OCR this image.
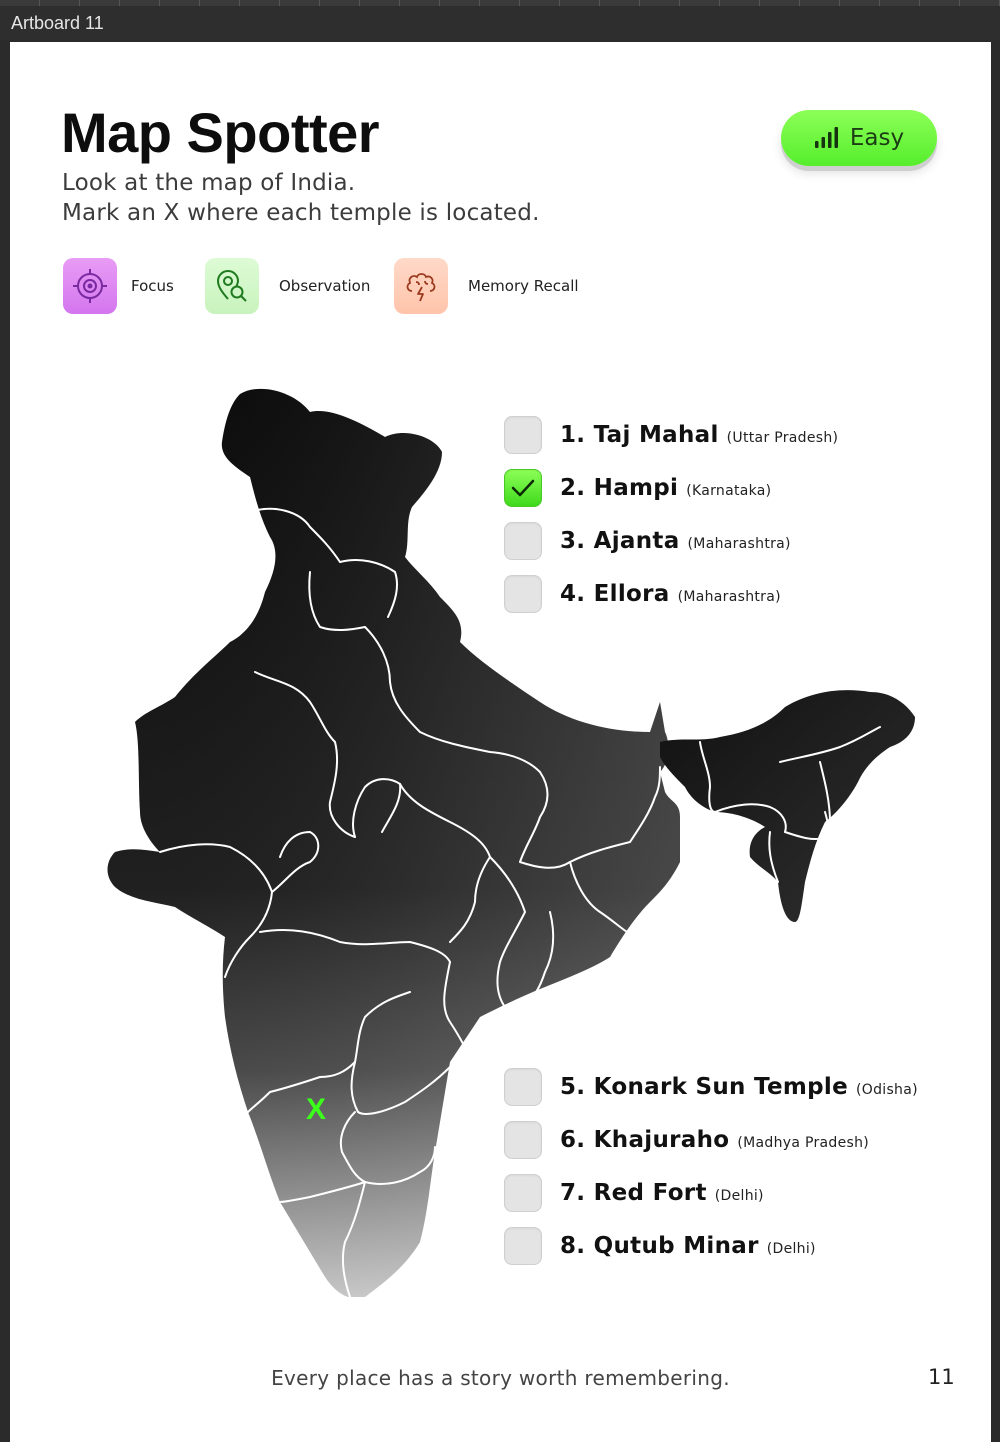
Artboard 11
Map Spotter
Look at the map of India.
Mark an X where each temple is located.
Easy
Focus	Observation	Memory Recall
X
1. Taj Mahal (Uttar Pradesh)
2. Hampi (Karnataka)
3. Ajanta (Maharashtra)
4. Ellora (Maharashtra)
5. Konark Sun Temple (Odisha)
6. Khajuraho (Madhya Pradesh)
7. Red Fort (Delhi)
8. Qutub Minar (Delhi)
Every place has a story worth remembering.	11
